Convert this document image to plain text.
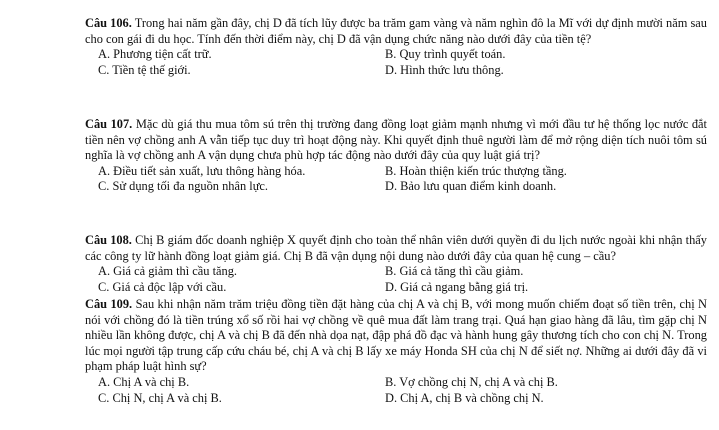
Câu 106. Trong hai năm gần đây, chị D đã tích lũy được ba trăm gam vàng và năm nghìn đô la Mĩ với dự định mười năm sau cho con gái đi du học. Tính đến thời điểm này, chị D đã vận dụng chức năng nào dưới đây của tiền tệ?

A. Phương tiện cất trữ.	B. Quy trình quyết toán.
C. Tiền tệ thế giới.	D. Hình thức lưu thông.

Câu 107. Mặc dù giá thu mua tôm sú trên thị trường đang đồng loạt giảm mạnh nhưng vì mới đầu tư hệ thống lọc nước đắt tiền nên vợ chồng anh A vẫn tiếp tục duy trì hoạt động này. Khi quyết định thuê người làm để mở rộng diện tích nuôi tôm sú nghĩa là vợ chồng anh A vận dụng chưa phù hợp tác động nào dưới đây của quy luật giá trị?

A. Điều tiết sản xuất, lưu thông hàng hóa.	B. Hoàn thiện kiến trúc thượng tầng.
C. Sử dụng tối đa nguồn nhân lực.	D. Bảo lưu quan điểm kinh doanh.

Câu 108. Chị B giám đốc doanh nghiệp X quyết định cho toàn thể nhân viên dưới quyền đi du lịch nước ngoài khi nhận thấy các công ty lữ hành đồng loạt giảm giá. Chị B đã vận dụng nội dung nào dưới đây của quan hệ cung – cầu?

A. Giá cả giảm thì cầu tăng.	B. Giá cả tăng thì cầu giảm.
C. Giá cả độc lập với cầu.	D. Giá cả ngang bằng giá trị.

Câu 109. Sau khi nhận năm trăm triệu đồng tiền đặt hàng của chị A và chị B, với mong muốn chiếm đoạt số tiền trên, chị N nói với chồng đó là tiền trúng xổ số rồi hai vợ chồng về quê mua đất làm trang trại. Quá hạn giao hàng đã lâu, tìm gặp chị N nhiều lần không được, chị A và chị B đã đến nhà dọa nạt, đập phá đồ đạc và hành hung gây thương tích cho con chị N. Trong lúc mọi người tập trung cấp cứu cháu bé, chị A và chị B lấy xe máy Honda SH của chị N để siết nợ. Những ai dưới đây đã vi phạm pháp luật hình sự?

A. Chị A và chị B.	B. Vợ chồng chị N, chị A và chị B.
C. Chị N, chị A và chị B.	D. Chị A, chị B và chồng chị N.
